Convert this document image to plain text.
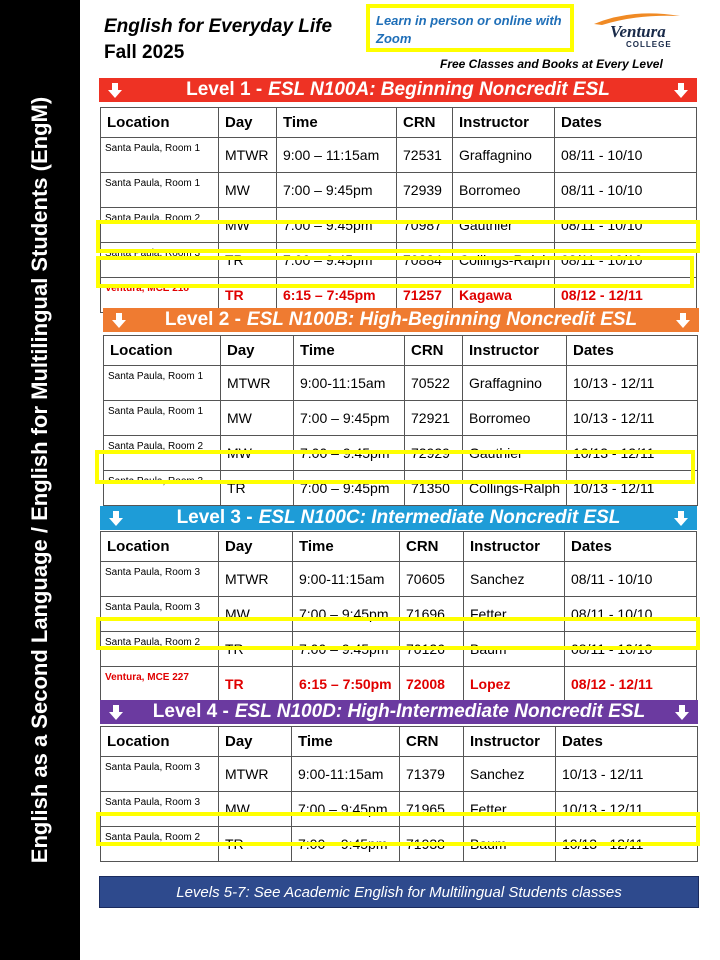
English as a Second Language / English for Multilingual Students (EngM)
English for Everyday Life
Fall 2025
Learn in person or online with Zoom	Ventura
COLLEGE
Free Classes and Books at Every Level
Level 1 - ESL N100A: Beginning Noncredit ESL
Location	Day	Time	CRN	Instructor	Dates
Santa Paula, Room 1	MTWR	9:00 – 11:15am	72531	Graffagnino	08/11 - 10/10
Santa Paula, Room 1	MW	7:00 – 9:45pm	72939	Borromeo	08/11 - 10/10
Santa Paula, Room 2	MW	7:00 – 9:45pm	70987	Gauthier	08/11 - 10/10
Santa Paula, Room 3	TR	7:00 – 9:45pm	70884	Collings-Ralph	08/11 - 10/10
Ventura, MCE 218	TR	6:15 – 7:45pm	71257	Kagawa	08/12 - 12/11
Level 2 - ESL N100B: High-Beginning Noncredit ESL
Location	Day	Time	CRN	Instructor	Dates
Santa Paula, Room 1	MTWR	9:00-11:15am	70522	Graffagnino	10/13 - 12/11
Santa Paula, Room 1	MW	7:00 – 9:45pm	72921	Borromeo	10/13 - 12/11
Santa Paula, Room 2	MW	7:00 – 9:45pm	72929	Gauthier	10/13 - 12/11
Santa Paula, Room 3	TR	7:00 – 9:45pm	71350	Collings-Ralph	10/13 - 12/11
Level 3 - ESL N100C: Intermediate Noncredit ESL
Location	Day	Time	CRN	Instructor	Dates
Santa Paula, Room 3	MTWR	9:00-11:15am	70605	Sanchez	08/11 - 10/10
Santa Paula, Room 3	MW	7:00 – 9:45pm	71696	Fetter	08/11 - 10/10
Santa Paula, Room 2	TR	7:00 – 9:45pm	70126	Baum	08/11 - 10/10
Ventura, MCE 227	TR	6:15 – 7:50pm	72008	Lopez	08/12 - 12/11
Level 4 - ESL N100D: High-Intermediate Noncredit ESL
Location	Day	Time	CRN	Instructor	Dates
Santa Paula, Room 3	MTWR	9:00-11:15am	71379	Sanchez	10/13 - 12/11
Santa Paula, Room 3	MW	7:00 – 9:45pm	71965	Fetter	10/13 - 12/11
Santa Paula, Room 2	TR	7:00 – 9:45pm	71938	Baum	10/13 - 12/11
Levels 5-7: See Academic English for Multilingual Students classes
